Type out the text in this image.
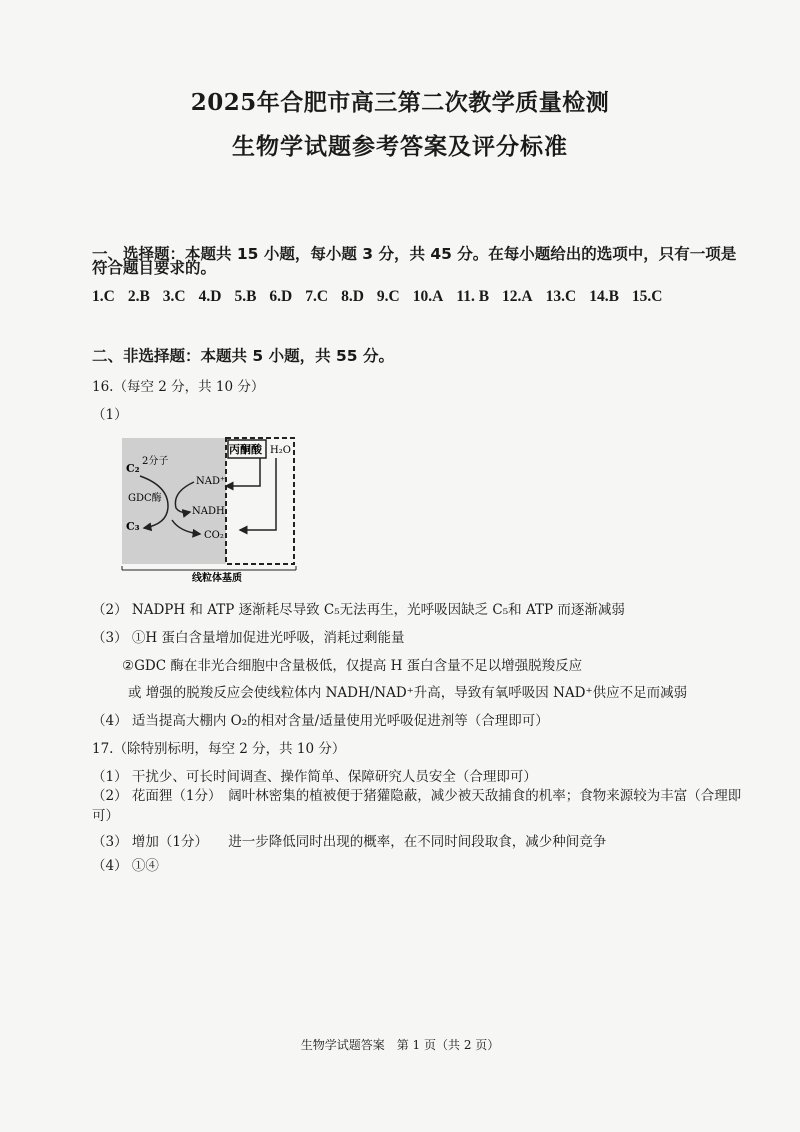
2025年合肥市高三第二次教学质量检测
生物学试题参考答案及评分标准
一、选择题：本题共 15 小题，每小题 3 分，共 45 分。在每小题给出的选项中，只有一项是
符合题目要求的。
1.C 2.B 3.C 4.D 5.B 6.D 7.C 8.D 9.C 10.A 11. B 12.A 13.C 14.B 15.C
二、非选择题：本题共 5 小题，共 55 分。
16.（每空 2 分，共 10 分）
（1）
丙酮酸 H₂O
C₂
2分子
NAD⁺
GDC酶
NADH
C₃
CO₂
线粒体基质
（2） NADPH 和 ATP 逐渐耗尽导致 C₅无法再生，光呼吸因缺乏 C₅和 ATP 而逐渐减弱
（3） ①H 蛋白含量增加促进光呼吸，消耗过剩能量
②GDC 酶在非光合细胞中含量极低，仅提高 H 蛋白含量不足以增强脱羧反应
或 增强的脱羧反应会使线粒体内 NADH/NAD⁺升高，导致有氧呼吸因 NAD⁺供应不足而减弱
（4） 适当提高大棚内 O₂的相对含量/适量使用光呼吸促进剂等（合理即可）
17.（除特别标明，每空 2 分，共 10 分）
（1） 干扰少、可长时间调查、操作简单、保障研究人员安全（合理即可）
（2） 花面狸（1分）　阔叶林密集的植被便于猪獾隐蔽，减少被天敌捕食的机率；食物来源较为丰富（合理即可）
（3） 增加（1分）　　进一步降低同时出现的概率，在不同时间段取食，减少种间竞争
（4） ①④
生物学试题答案　第 1 页（共 2 页）
